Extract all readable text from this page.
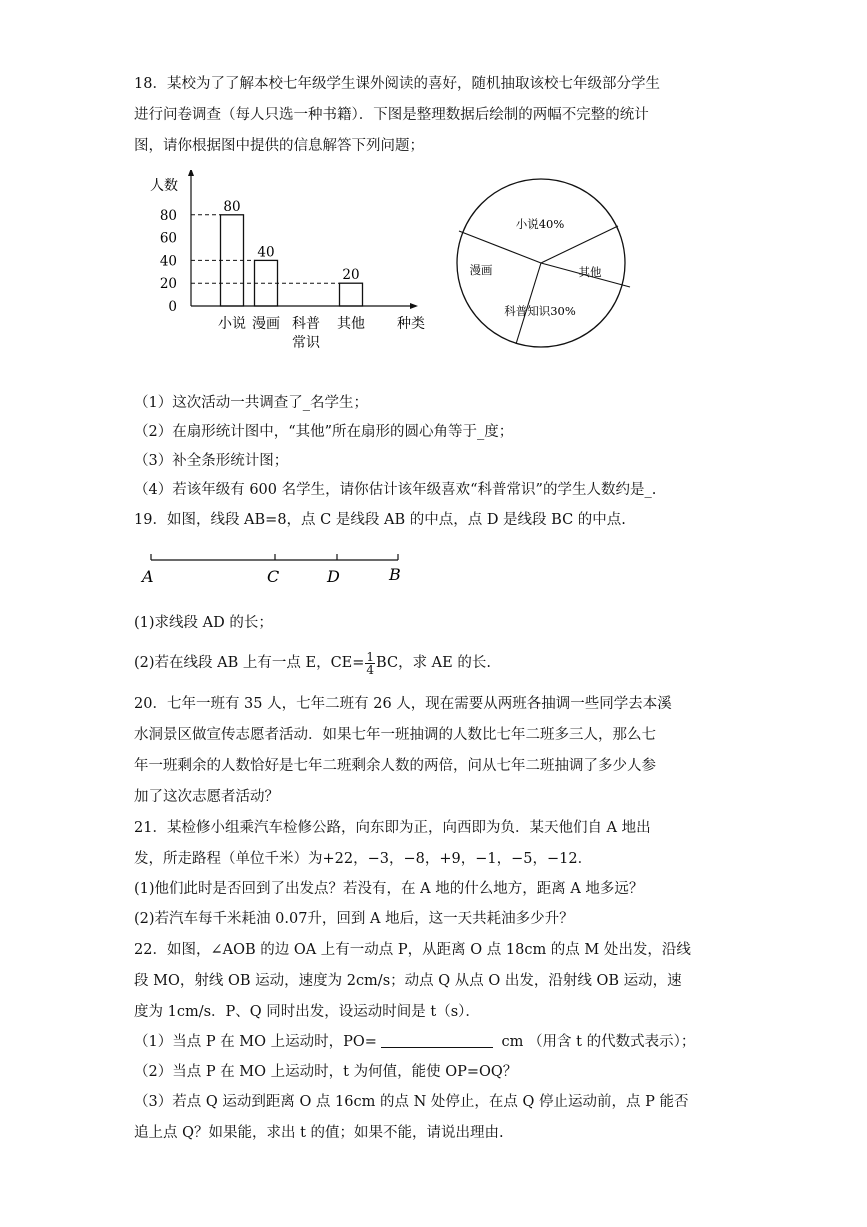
18．某校为了了解本校七年级学生课外阅读的喜好，随机抽取该校七年级部分学生
进行问卷调查（每人只选一种书籍）．下图是整理数据后绘制的两幅不完整的统计
图，请你根据图中提供的信息解答下列问题；
人数
种类
80
60
40
20
0
80
40
20
小说 漫画 科普
常识
其他
小说40%
其他
科普知识30%
漫画
（1）这次活动一共调查了_名学生；
（2）在扇形统计图中，“其他”所在扇形的圆心角等于_度；
（3）补全条形统计图；
（4）若该年级有 600 名学生，请你估计该年级喜欢“科普常识”的学生人数约是_.
19．如图，线段 AB=8，点 C 是线段 AB 的中点，点 D 是线段 BC 的中点.
A	C	D	B
(1)求线段 AD 的长；
(2)若在线段 AB 上有一点 E，$CE= \frac{1}{4}$ BC，求 AE 的长.
20．七年一班有 35 人，七年二班有 26 人，现在需要从两班各抽调一些同学去本溪
水洞景区做宣传志愿者活动．如果七年一班抽调的人数比七年二班多三人，那么七
年一班剩余的人数恰好是七年二班剩余人数的两倍，问从七年二班抽调了多少人参
加了这次志愿者活动？
21．某检修小组乘汽车检修公路，向东即为正，向西即为负．某天他们自 A 地出
发，所走路程（单位千米）为+22，−3，−8，+9，−1，−5，−12．
(1)他们此时是否回到了出发点？若没有，在 A 地的什么地方，距离 A 地多远？
(2)若汽车每千米耗油 0.07升，回到 A 地后，这一天共耗油多少升？
22．如图，∠AOB 的边 OA 上有一动点 P，从距离 O 点 18cm 的点 M 处出发，沿线
段 MO，射线 OB 运动，速度为 2cm/s；动点 Q 从点 O 出发，沿射线 OB 运动，速
度为 1cm/s．P、Q 同时出发，设运动时间是 t（s）．
（1）当点 P 在 MO 上运动时，PO=	cm （用含 t 的代数式表示）；
（2）当点 P 在 MO 上运动时，t 为何值，能使 OP=OQ？
（3）若点 Q 运动到距离 O 点 16cm 的点 N 处停止，在点 Q 停止运动前，点 P 能否
追上点 Q？如果能，求出 t 的值；如果不能，请说出理由.
